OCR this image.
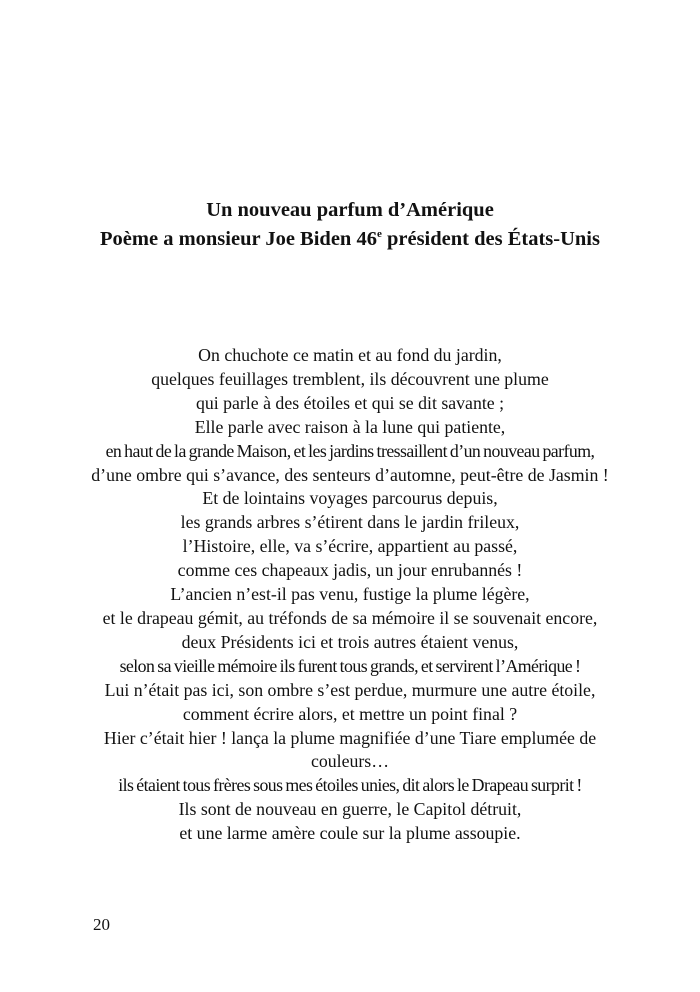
Un nouveau parfum d’Amérique
Poème a monsieur Joe Biden 46e président des États-Unis
On chuchote ce matin et au fond du jardin,
quelques feuillages tremblent, ils découvrent une plume
qui parle à des étoiles et qui se dit savante ;
Elle parle avec raison à la lune qui patiente,
en haut de la grande Maison, et les jardins tressaillent d’un nouveau parfum,
d’une ombre qui s’avance, des senteurs d’automne, peut-être de Jasmin !
Et de lointains voyages parcourus depuis,
les grands arbres s’étirent dans le jardin frileux,
l’Histoire, elle, va s’écrire, appartient au passé,
comme ces chapeaux jadis, un jour enrubannés !
L’ancien n’est-il pas venu, fustige la plume légère,
et le drapeau gémit, au tréfonds de sa mémoire il se souvenait encore,
deux Présidents ici et trois autres étaient venus,
selon sa vieille mémoire ils furent tous grands, et servirent l’Amérique !
Lui n’était pas ici, son ombre s’est perdue, murmure une autre étoile,
comment écrire alors, et mettre un point final ?
Hier c’était hier ! lança la plume magnifiée d’une Tiare emplumée de
couleurs…
ils étaient tous frères sous mes étoiles unies, dit alors le Drapeau surprit !
Ils sont de nouveau en guerre, le Capitol détruit,
et une larme amère coule sur la plume assoupie.
20
